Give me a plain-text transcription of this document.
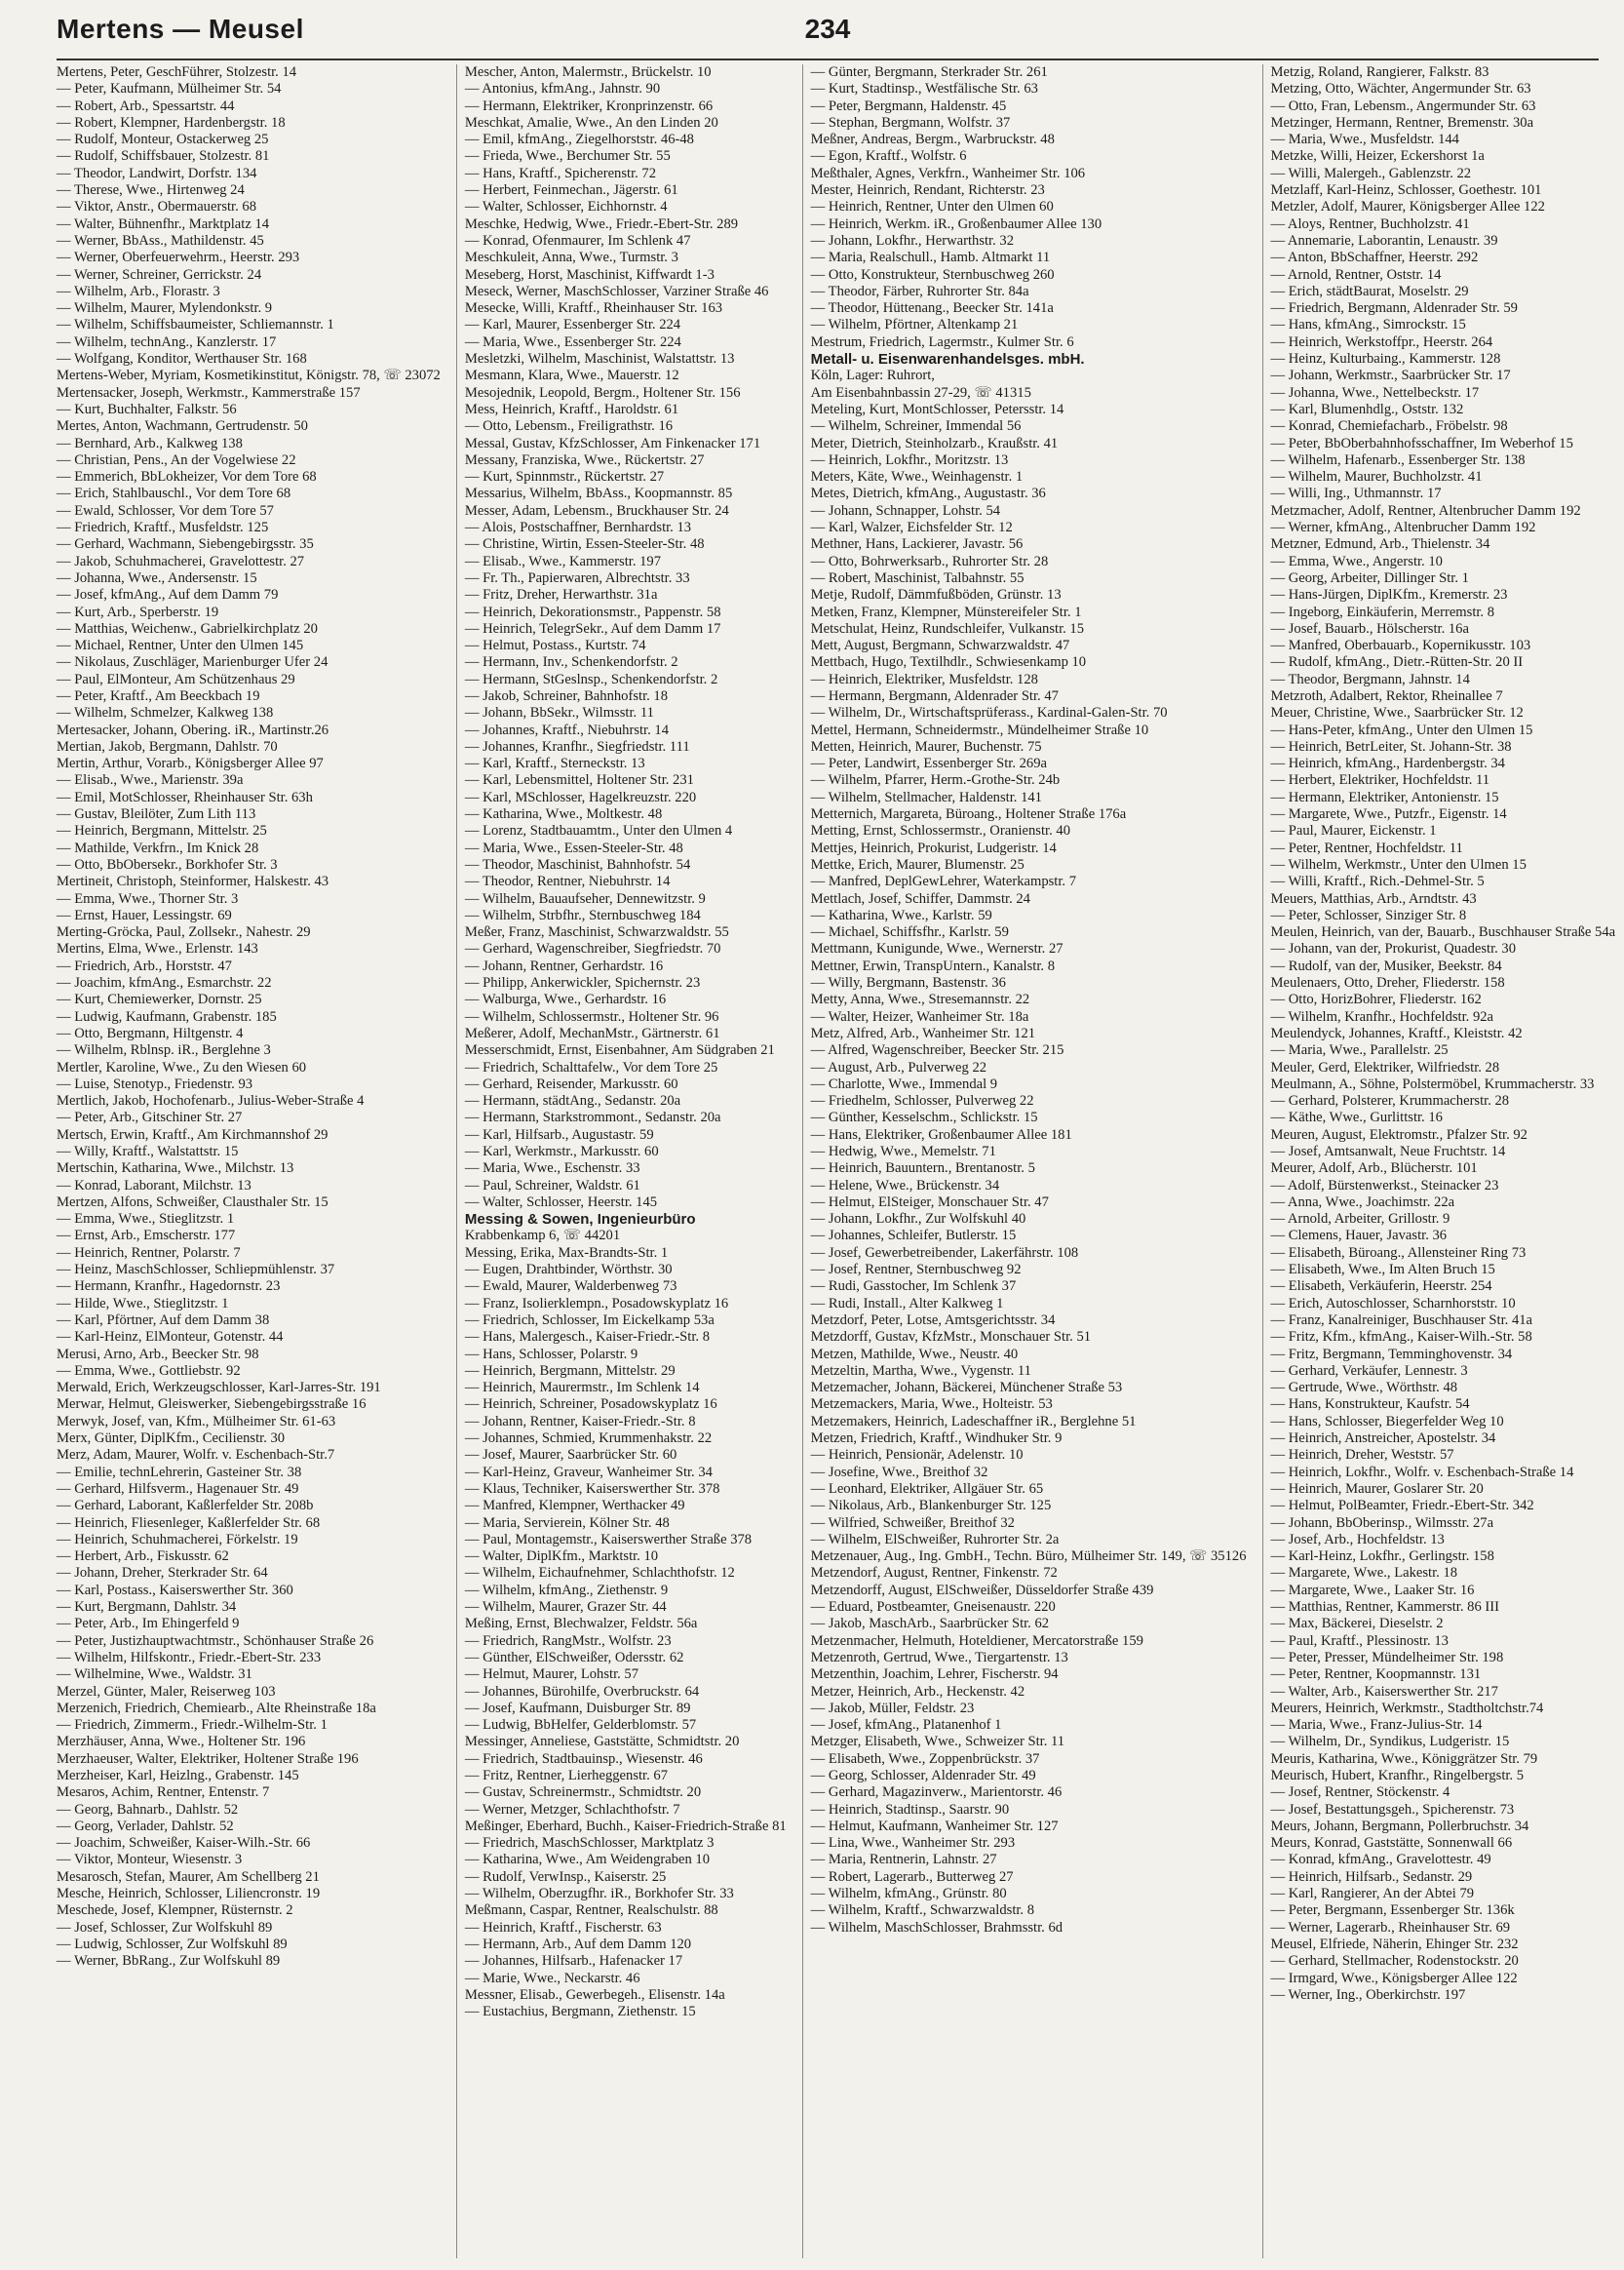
Mertens — Meusel	234
Mertens, Peter, GeschFührer, Stolzestr. 14
— Peter, Kaufmann, Mülheimer Str. 54
— Robert, Arb., Spessartstr. 44
— Robert, Klempner, Hardenbergstr. 18
— Rudolf, Monteur, Ostackerweg 25
— Rudolf, Schiffsbauer, Stolzestr. 81
— Theodor, Landwirt, Dorfstr. 134
— Therese, Wwe., Hirtenweg 24
— Viktor, Anstr., Obermauerstr. 68
— Walter, Bühnenfhr., Marktplatz 14
— Werner, BbAss., Mathildenstr. 45
— Werner, Oberfeuerwehrm., Heerstr. 293
— Werner, Schreiner, Gerrickstr. 24
— Wilhelm, Arb., Florastr. 3
— Wilhelm, Maurer, Mylendonkstr. 9
— Wilhelm, Schiffsbaumeister, Schliemannstr. 1
— Wilhelm, technAng., Kanzlerstr. 17
— Wolfgang, Konditor, Werthauser Str. 168
Mertens-Weber, Myriam, Kosmetikinstitut, Königstr. 78, ☏ 23072
Mertensacker, Joseph, Werkmstr., Kammerstraße 157
— Kurt, Buchhalter, Falkstr. 56
Mertes, Anton, Wachmann, Gertrudenstr. 50
— Bernhard, Arb., Kalkweg 138
— Christian, Pens., An der Vogelwiese 22
— Emmerich, BbLokheizer, Vor dem Tore 68
— Erich, Stahlbauschl., Vor dem Tore 68
— Ewald, Schlosser, Vor dem Tore 57
— Friedrich, Kraftf., Musfeldstr. 125
— Gerhard, Wachmann, Siebengebirgsstr. 35
— Jakob, Schuhmacherei, Gravelottestr. 27
— Johanna, Wwe., Andersenstr. 15
— Josef, kfmAng., Auf dem Damm 79
— Kurt, Arb., Sperberstr. 19
— Matthias, Weichenw., Gabrielkirchplatz 20
— Michael, Rentner, Unter den Ulmen 145
— Nikolaus, Zuschläger, Marienburger Ufer 24
— Paul, ElMonteur, Am Schützenhaus 29
— Peter, Kraftf., Am Beeckbach 19
— Wilhelm, Schmelzer, Kalkweg 138
Mertesacker, Johann, Obering. iR., Martinstr.26
Mertian, Jakob, Bergmann, Dahlstr. 70
Mertin, Arthur, Vorarb., Königsberger Allee 97
— Elisab., Wwe., Marienstr. 39a
— Emil, MotSchlosser, Rheinhauser Str. 63h
— Gustav, Bleilöter, Zum Lith 113
— Heinrich, Bergmann, Mittelstr. 25
— Mathilde, Verkfrn., Im Knick 28
— Otto, BbObersekr., Borkhofer Str. 3
Mertineit, Christoph, Steinformer, Halskestr. 43
— Emma, Wwe., Thorner Str. 3
— Ernst, Hauer, Lessingstr. 69
Merting-Gröcka, Paul, Zollsekr., Nahestr. 29
Mertins, Elma, Wwe., Erlenstr. 143
— Friedrich, Arb., Horststr. 47
— Joachim, kfmAng., Esmarchstr. 22
— Kurt, Chemiewerker, Dornstr. 25
— Ludwig, Kaufmann, Grabenstr. 185
— Otto, Bergmann, Hiltgenstr. 4
— Wilhelm, Rblnsp. iR., Berglehne 3
Mertler, Karoline, Wwe., Zu den Wiesen 60
— Luise, Stenotyp., Friedenstr. 93
Mertlich, Jakob, Hochofenarb., Julius-Weber-Straße 4
— Peter, Arb., Gitschiner Str. 27
Mertsch, Erwin, Kraftf., Am Kirchmannshof 29
— Willy, Kraftf., Walstattstr. 15
Mertschin, Katharina, Wwe., Milchstr. 13
— Konrad, Laborant, Milchstr. 13
Mertzen, Alfons, Schweißer, Clausthaler Str. 15
— Emma, Wwe., Stieglitzstr. 1
— Ernst, Arb., Emscherstr. 177
— Heinrich, Rentner, Polarstr. 7
— Heinz, MaschSchlosser, Schliepmühlenstr. 37
— Hermann, Kranfhr., Hagedornstr. 23
— Hilde, Wwe., Stieglitzstr. 1
— Karl, Pförtner, Auf dem Damm 38
— Karl-Heinz, ElMonteur, Gotenstr. 44
Merusi, Arno, Arb., Beecker Str. 98
— Emma, Wwe., Gottliebstr. 92
Merwald, Erich, Werkzeugschlosser, Karl-Jarres-Str. 191
Merwar, Helmut, Gleiswerker, Siebengebirgsstraße 16
Merwyk, Josef, van, Kfm., Mülheimer Str. 61-63
Merx, Günter, DiplKfm., Cecilienstr. 30
Merz, Adam, Maurer, Wolfr. v. Eschenbach-Str.7
— Emilie, technLehrerin, Gasteiner Str. 38
— Gerhard, Hilfsverm., Hagenauer Str. 49
— Gerhard, Laborant, Kaßlerfelder Str. 208b
— Heinrich, Fliesenleger, Kaßlerfelder Str. 68
— Heinrich, Schuhmacherei, Förkelstr. 19
— Herbert, Arb., Fiskusstr. 62
— Johann, Dreher, Sterkrader Str. 64
— Karl, Postass., Kaiserswerther Str. 360
— Kurt, Bergmann, Dahlstr. 34
— Peter, Arb., Im Ehingerfeld 9
— Peter, Justizhauptwachtmstr., Schönhauser Straße 26
— Wilhelm, Hilfskontr., Friedr.-Ebert-Str. 233
— Wilhelmine, Wwe., Waldstr. 31
Merzel, Günter, Maler, Reiserweg 103
Merzenich, Friedrich, Chemiearb., Alte Rheinstraße 18a
— Friedrich, Zimmerm., Friedr.-Wilhelm-Str. 1
Merzhäuser, Anna, Wwe., Holtener Str. 196
Merzhaeuser, Walter, Elektriker, Holtener Straße 196
Merzheiser, Karl, Heizlng., Grabenstr. 145
Mesaros, Achim, Rentner, Entenstr. 7
— Georg, Bahnarb., Dahlstr. 52
— Georg, Verlader, Dahlstr. 52
— Joachim, Schweißer, Kaiser-Wilh.-Str. 66
— Viktor, Monteur, Wiesenstr. 3
Mesarosch, Stefan, Maurer, Am Schellberg 21
Mesche, Heinrich, Schlosser, Liliencronstr. 19
Meschede, Josef, Klempner, Rüsternstr. 2
— Josef, Schlosser, Zur Wolfskuhl 89
— Ludwig, Schlosser, Zur Wolfskuhl 89
— Werner, BbRang., Zur Wolfskuhl 89
Mescher, Anton, Malermstr., Brückelstr. 10
— Antonius, kfmAng., Jahnstr. 90
— Hermann, Elektriker, Kronprinzenstr. 66
Meschkat, Amalie, Wwe., An den Linden 20
— Emil, kfmAng., Ziegelhorststr. 46-48
— Frieda, Wwe., Berchumer Str. 55
— Hans, Kraftf., Spicherenstr. 72
— Herbert, Feinmechan., Jägerstr. 61
— Walter, Schlosser, Eichhornstr. 4
Meschke, Hedwig, Wwe., Friedr.-Ebert-Str. 289
— Konrad, Ofenmaurer, Im Schlenk 47
Meschkuleit, Anna, Wwe., Turmstr. 3
Meseberg, Horst, Maschinist, Kiffwardt 1-3
Meseck, Werner, MaschSchlosser, Varziner Straße 46
Mesecke, Willi, Kraftf., Rheinhauser Str. 163
— Karl, Maurer, Essenberger Str. 224
— Maria, Wwe., Essenberger Str. 224
Mesletzki, Wilhelm, Maschinist, Walstattstr. 13
Mesmann, Klara, Wwe., Mauerstr. 12
Mesojednik, Leopold, Bergm., Holtener Str. 156
Mess, Heinrich, Kraftf., Haroldstr. 61
— Otto, Lebensm., Freiligrathstr. 16
Messal, Gustav, KfzSchlosser, Am Finkenacker 171
Messany, Franziska, Wwe., Rückertstr. 27
— Kurt, Spinnmstr., Rückertstr. 27
Messarius, Wilhelm, BbAss., Koopmannstr. 85
Messer, Adam, Lebensm., Bruckhauser Str. 24
— Alois, Postschaffner, Bernhardstr. 13
— Christine, Wirtin, Essen-Steeler-Str. 48
— Elisab., Wwe., Kammerstr. 197
— Fr. Th., Papierwaren, Albrechtstr. 33
— Fritz, Dreher, Herwarthstr. 31a
— Heinrich, Dekorationsmstr., Pappenstr. 58
— Heinrich, TelegrSekr., Auf dem Damm 17
— Helmut, Postass., Kurtstr. 74
— Hermann, Inv., Schenkendorfstr. 2
— Hermann, StGeslnsp., Schenkendorfstr. 2
— Jakob, Schreiner, Bahnhofstr. 18
— Johann, BbSekr., Wilmsstr. 11
— Johannes, Kraftf., Niebuhrstr. 14
— Johannes, Kranfhr., Siegfriedstr. 111
— Karl, Kraftf., Sterneckstr. 13
— Karl, Lebensmittel, Holtener Str. 231
— Karl, MSchlosser, Hagelkreuzstr. 220
— Katharina, Wwe., Moltkestr. 48
— Lorenz, Stadtbauamtm., Unter den Ulmen 4
— Maria, Wwe., Essen-Steeler-Str. 48
— Theodor, Maschinist, Bahnhofstr. 54
— Theodor, Rentner, Niebuhrstr. 14
— Wilhelm, Bauaufseher, Dennewitzstr. 9
— Wilhelm, Strbfhr., Sternbuschweg 184
Meßer, Franz, Maschinist, Schwarzwaldstr. 55
— Gerhard, Wagenschreiber, Siegfriedstr. 70
— Johann, Rentner, Gerhardstr. 16
— Philipp, Ankerwickler, Spichernstr. 23
— Walburga, Wwe., Gerhardstr. 16
— Wilhelm, Schlossermstr., Holtener Str. 96
Meßerer, Adolf, MechanMstr., Gärtnerstr. 61
Messerschmidt, Ernst, Eisenbahner, Am Südgraben 21
— Friedrich, Schalttafelw., Vor dem Tore 25
— Gerhard, Reisender, Markusstr. 60
— Hermann, städtAng., Sedanstr. 20a
— Hermann, Starkstrommont., Sedanstr. 20a
— Karl, Hilfsarb., Augustastr. 59
— Karl, Werkmstr., Markusstr. 60
— Maria, Wwe., Eschenstr. 33
— Paul, Schreiner, Waldstr. 61
— Walter, Schlosser, Heerstr. 145
Messing & Sowen, Ingenieurbüro
Krabbenkamp 6, ☏ 44201
Messing, Erika, Max-Brandts-Str. 1
— Eugen, Drahtbinder, Wörthstr. 30
— Ewald, Maurer, Walderbenweg 73
— Franz, Isolierklempn., Posadowskyplatz 16
— Friedrich, Schlosser, Im Eickelkamp 53a
— Hans, Malergesch., Kaiser-Friedr.-Str. 8
— Hans, Schlosser, Polarstr. 9
— Heinrich, Bergmann, Mittelstr. 29
— Heinrich, Maurermstr., Im Schlenk 14
— Heinrich, Schreiner, Posadowskyplatz 16
— Johann, Rentner, Kaiser-Friedr.-Str. 8
— Johannes, Schmied, Krummenhakstr. 22
— Josef, Maurer, Saarbrücker Str. 60
— Karl-Heinz, Graveur, Wanheimer Str. 34
— Klaus, Techniker, Kaiserswerther Str. 378
— Manfred, Klempner, Werthacker 49
— Maria, Servierein, Kölner Str. 48
— Paul, Montagemstr., Kaiserswerther Straße 378
— Walter, DiplKfm., Marktstr. 10
— Wilhelm, Eichaufnehmer, Schlachthofstr. 12
— Wilhelm, kfmAng., Ziethenstr. 9
— Wilhelm, Maurer, Grazer Str. 44
Meßing, Ernst, Blechwalzer, Feldstr. 56a
— Friedrich, RangMstr., Wolfstr. 23
— Günther, ElSchweißer, Odersstr. 62
— Helmut, Maurer, Lohstr. 57
— Johannes, Bürohilfe, Overbruckstr. 64
— Josef, Kaufmann, Duisburger Str. 89
— Ludwig, BbHelfer, Gelderblomstr. 57
Messinger, Anneliese, Gaststätte, Schmidtstr. 20
— Friedrich, Stadtbauinsp., Wiesenstr. 46
— Fritz, Rentner, Lierheggenstr. 67
— Gustav, Schreinermstr., Schmidtstr. 20
— Werner, Metzger, Schlachthofstr. 7
Meßinger, Eberhard, Buchh., Kaiser-Friedrich-Straße 81
— Friedrich, MaschSchlosser, Marktplatz 3
— Katharina, Wwe., Am Weidengraben 10
— Rudolf, VerwInsp., Kaiserstr. 25
— Wilhelm, Oberzugfhr. iR., Borkhofer Str. 33
Meßmann, Caspar, Rentner, Realschulstr. 88
— Heinrich, Kraftf., Fischerstr. 63
— Hermann, Arb., Auf dem Damm 120
— Johannes, Hilfsarb., Hafenacker 17
— Marie, Wwe., Neckarstr. 46
Messner, Elisab., Gewerbegeh., Elisenstr. 14a
— Eustachius, Bergmann, Ziethenstr. 15
— Günter, Bergmann, Sterkrader Str. 261
— Kurt, Stadtinsp., Westfälische Str. 63
— Peter, Bergmann, Haldenstr. 45
— Stephan, Bergmann, Wolfstr. 37
Meßner, Andreas, Bergm., Warbruckstr. 48
— Egon, Kraftf., Wolfstr. 6
Meßthaler, Agnes, Verkfrn., Wanheimer Str. 106
Mester, Heinrich, Rendant, Richterstr. 23
— Heinrich, Rentner, Unter den Ulmen 60
— Heinrich, Werkm. iR., Großenbaumer Allee 130
— Johann, Lokfhr., Herwarthstr. 32
— Maria, Realschull., Hamb. Altmarkt 11
— Otto, Konstrukteur, Sternbuschweg 260
— Theodor, Färber, Ruhrorter Str. 84a
— Theodor, Hüttenang., Beecker Str. 141a
— Wilhelm, Pförtner, Altenkamp 21
Mestrum, Friedrich, Lagermstr., Kulmer Str. 6
Metall- u. Eisenwarenhandelsges. mbH.
Köln, Lager: Ruhrort,
Am Eisenbahnbassin 27-29, ☏ 41315
Meteling, Kurt, MontSchlosser, Petersstr. 14
— Wilhelm, Schreiner, Immendal 56
Meter, Dietrich, Steinholzarb., Kraußstr. 41
— Heinrich, Lokfhr., Moritzstr. 13
Meters, Käte, Wwe., Weinhagenstr. 1
Metes, Dietrich, kfmAng., Augustastr. 36
— Johann, Schnapper, Lohstr. 54
— Karl, Walzer, Eichsfelder Str. 12
Methner, Hans, Lackierer, Javastr. 56
— Otto, Bohrwerksarb., Ruhrorter Str. 28
— Robert, Maschinist, Talbahnstr. 55
Metje, Rudolf, Dämmfußböden, Grünstr. 13
Metken, Franz, Klempner, Münstereifeler Str. 1
Metschulat, Heinz, Rundschleifer, Vulkanstr. 15
Mett, August, Bergmann, Schwarzwaldstr. 47
Mettbach, Hugo, Textilhdlr., Schwiesenkamp 10
— Heinrich, Elektriker, Musfeldstr. 128
— Hermann, Bergmann, Aldenrader Str. 47
— Wilhelm, Dr., Wirtschaftsprüferass., Kardinal-Galen-Str. 70
Mettel, Hermann, Schneidermstr., Mündelheimer Straße 10
Metten, Heinrich, Maurer, Buchenstr. 75
— Peter, Landwirt, Essenberger Str. 269a
— Wilhelm, Pfarrer, Herm.-Grothe-Str. 24b
— Wilhelm, Stellmacher, Haldenstr. 141
Metternich, Margareta, Büroang., Holtener Straße 176a
Metting, Ernst, Schlossermstr., Oranienstr. 40
Mettjes, Heinrich, Prokurist, Ludgeristr. 14
Mettke, Erich, Maurer, Blumenstr. 25
— Manfred, DeplGewLehrer, Waterkampstr. 7
Mettlach, Josef, Schiffer, Dammstr. 24
— Katharina, Wwe., Karlstr. 59
— Michael, Schiffsfhr., Karlstr. 59
Mettmann, Kunigunde, Wwe., Wernerstr. 27
Mettner, Erwin, TranspUntern., Kanalstr. 8
— Willy, Bergmann, Bastenstr. 36
Metty, Anna, Wwe., Stresemannstr. 22
— Walter, Heizer, Wanheimer Str. 18a
Metz, Alfred, Arb., Wanheimer Str. 121
— Alfred, Wagenschreiber, Beecker Str. 215
— August, Arb., Pulverweg 22
— Charlotte, Wwe., Immendal 9
— Friedhelm, Schlosser, Pulverweg 22
— Günther, Kesselschm., Schlickstr. 15
— Hans, Elektriker, Großenbaumer Allee 181
— Hedwig, Wwe., Memelstr. 71
— Heinrich, Bauuntern., Brentanostr. 5
— Helene, Wwe., Brückenstr. 34
— Helmut, ElSteiger, Monschauer Str. 47
— Johann, Lokfhr., Zur Wolfskuhl 40
— Johannes, Schleifer, Butlerstr. 15
— Josef, Gewerbetreibender, Lakerfährstr. 108
— Josef, Rentner, Sternbuschweg 92
— Rudi, Gasstocher, Im Schlenk 37
— Rudi, Install., Alter Kalkweg 1
Metzdorf, Peter, Lotse, Amtsgerichtsstr. 34
Metzdorff, Gustav, KfzMstr., Monschauer Str. 51
Metzen, Mathilde, Wwe., Neustr. 40
Metzeltin, Martha, Wwe., Vygenstr. 11
Metzemacher, Johann, Bäckerei, Münchener Straße 53
Metzemackers, Maria, Wwe., Holteistr. 53
Metzemakers, Heinrich, Ladeschaffner iR., Berglehne 51
Metzen, Friedrich, Kraftf., Windhuker Str. 9
— Heinrich, Pensionär, Adelenstr. 10
— Josefine, Wwe., Breithof 32
— Leonhard, Elektriker, Allgäuer Str. 65
— Nikolaus, Arb., Blankenburger Str. 125
— Wilfried, Schweißer, Breithof 32
— Wilhelm, ElSchweißer, Ruhrorter Str. 2a
Metzenauer, Aug., Ing. GmbH., Techn. Büro, Mülheimer Str. 149, ☏ 35126
Metzendorf, August, Rentner, Finkenstr. 72
Metzendorff, August, ElSchweißer, Düsseldorfer Straße 439
— Eduard, Postbeamter, Gneisenaustr. 220
— Jakob, MaschArb., Saarbrücker Str. 62
Metzenmacher, Helmuth, Hoteldiener, Mercatorstraße 159
Metzenroth, Gertrud, Wwe., Tiergartenstr. 13
Metzenthin, Joachim, Lehrer, Fischerstr. 94
Metzer, Heinrich, Arb., Heckenstr. 42
— Jakob, Müller, Feldstr. 23
— Josef, kfmAng., Platanenhof 1
Metzger, Elisabeth, Wwe., Schweizer Str. 11
— Elisabeth, Wwe., Zoppenbrückstr. 37
— Georg, Schlosser, Aldenrader Str. 49
— Gerhard, Magazinverw., Marientorstr. 46
— Heinrich, Stadtinsp., Saarstr. 90
— Helmut, Kaufmann, Wanheimer Str. 127
— Lina, Wwe., Wanheimer Str. 293
— Maria, Rentnerin, Lahnstr. 27
— Robert, Lagerarb., Butterweg 27
— Wilhelm, kfmAng., Grünstr. 80
— Wilhelm, Kraftf., Schwarzwaldstr. 8
— Wilhelm, MaschSchlosser, Brahmsstr. 6d
Metzig, Roland, Rangierer, Falkstr. 83
Metzing, Otto, Wächter, Angermunder Str. 63
— Otto, Fran, Lebensm., Angermunder Str. 63
Metzinger, Hermann, Rentner, Bremenstr. 30a
— Maria, Wwe., Musfeldstr. 144
Metzke, Willi, Heizer, Eckershorst 1a
— Willi, Malergeh., Gablenzstr. 22
Metzlaff, Karl-Heinz, Schlosser, Goethestr. 101
Metzler, Adolf, Maurer, Königsberger Allee 122
— Aloys, Rentner, Buchholzstr. 41
— Annemarie, Laborantin, Lenaustr. 39
— Anton, BbSchaffner, Heerstr. 292
— Arnold, Rentner, Oststr. 14
— Erich, städtBaurat, Moselstr. 29
— Friedrich, Bergmann, Aldenrader Str. 59
— Hans, kfmAng., Simrockstr. 15
— Heinrich, Werkstoffpr., Heerstr. 264
— Heinz, Kulturbaing., Kammerstr. 128
— Johann, Werkmstr., Saarbrücker Str. 17
— Johanna, Wwe., Nettelbeckstr. 17
— Karl, Blumenhdlg., Oststr. 132
— Konrad, Chemiefacharb., Fröbelstr. 98
— Peter, BbOberbahnhofsschaffner, Im Weberhof 15
— Wilhelm, Hafenarb., Essenberger Str. 138
— Wilhelm, Maurer, Buchholzstr. 41
— Willi, Ing., Uthmannstr. 17
Metzmacher, Adolf, Rentner, Altenbrucher Damm 192
— Werner, kfmAng., Altenbrucher Damm 192
Metzner, Edmund, Arb., Thielenstr. 34
— Emma, Wwe., Angerstr. 10
— Georg, Arbeiter, Dillinger Str. 1
— Hans-Jürgen, DiplKfm., Kremerstr. 23
— Ingeborg, Einkäuferin, Merremstr. 8
— Josef, Bauarb., Hölscherstr. 16a
— Manfred, Oberbauarb., Kopernikusstr. 103
— Rudolf, kfmAng., Dietr.-Rütten-Str. 20 II
— Theodor, Bergmann, Jahnstr. 14
Metzroth, Adalbert, Rektor, Rheinallee 7
Meuer, Christine, Wwe., Saarbrücker Str. 12
— Hans-Peter, kfmAng., Unter den Ulmen 15
— Heinrich, BetrLeiter, St. Johann-Str. 38
— Heinrich, kfmAng., Hardenbergstr. 34
— Herbert, Elektriker, Hochfeldstr. 11
— Hermann, Elektriker, Antonienstr. 15
— Margarete, Wwe., Putzfr., Eigenstr. 14
— Paul, Maurer, Eickenstr. 1
— Peter, Rentner, Hochfeldstr. 11
— Wilhelm, Werkmstr., Unter den Ulmen 15
— Willi, Kraftf., Rich.-Dehmel-Str. 5
Meuers, Matthias, Arb., Arndtstr. 43
— Peter, Schlosser, Sinziger Str. 8
Meulen, Heinrich, van der, Bauarb., Buschhauser Straße 54a
— Johann, van der, Prokurist, Quadestr. 30
— Rudolf, van der, Musiker, Beekstr. 84
Meulenaers, Otto, Dreher, Fliederstr. 158
— Otto, HorizBohrer, Fliederstr. 162
— Wilhelm, Kranfhr., Hochfeldstr. 92a
Meulendyck, Johannes, Kraftf., Kleiststr. 42
— Maria, Wwe., Parallelstr. 25
Meuler, Gerd, Elektriker, Wilfriedstr. 28
Meulmann, A., Söhne, Polstermöbel, Krummacherstr. 33
— Gerhard, Polsterer, Krummacherstr. 28
— Käthe, Wwe., Gurlittstr. 16
Meuren, August, Elektromstr., Pfalzer Str. 92
— Josef, Amtsanwalt, Neue Fruchtstr. 14
Meurer, Adolf, Arb., Blücherstr. 101
— Adolf, Bürstenwerkst., Steinacker 23
— Anna, Wwe., Joachimstr. 22a
— Arnold, Arbeiter, Grillostr. 9
— Clemens, Hauer, Javastr. 36
— Elisabeth, Büroang., Allensteiner Ring 73
— Elisabeth, Wwe., Im Alten Bruch 15
— Elisabeth, Verkäuferin, Heerstr. 254
— Erich, Autoschlosser, Scharnhorststr. 10
— Franz, Kanalreiniger, Buschhauser Str. 41a
— Fritz, Kfm., kfmAng., Kaiser-Wilh.-Str. 58
— Fritz, Bergmann, Temminghovenstr. 34
— Gerhard, Verkäufer, Lennestr. 3
— Gertrude, Wwe., Wörthstr. 48
— Hans, Konstrukteur, Kaufstr. 54
— Hans, Schlosser, Biegerfelder Weg 10
— Heinrich, Anstreicher, Apostelstr. 34
— Heinrich, Dreher, Weststr. 57
— Heinrich, Lokfhr., Wolfr. v. Eschenbach-Straße 14
— Heinrich, Maurer, Goslarer Str. 20
— Helmut, PolBeamter, Friedr.-Ebert-Str. 342
— Johann, BbOberinsp., Wilmsstr. 27a
— Josef, Arb., Hochfeldstr. 13
— Karl-Heinz, Lokfhr., Gerlingstr. 158
— Margarete, Wwe., Lakestr. 18
— Margarete, Wwe., Laaker Str. 16
— Matthias, Rentner, Kammerstr. 86 III
— Max, Bäckerei, Dieselstr. 2
— Paul, Kraftf., Plessinostr. 13
— Peter, Presser, Mündelheimer Str. 198
— Peter, Rentner, Koopmannstr. 131
— Walter, Arb., Kaiserswerther Str. 217
Meurers, Heinrich, Werkmstr., Stadtholtchstr.74
— Maria, Wwe., Franz-Julius-Str. 14
— Wilhelm, Dr., Syndikus, Ludgeristr. 15
Meuris, Katharina, Wwe., Königgrätzer Str. 79
Meurisch, Hubert, Kranfhr., Ringelbergstr. 5
— Josef, Rentner, Stöckenstr. 4
— Josef, Bestattungsgeh., Spicherenstr. 73
Meurs, Johann, Bergmann, Pollerbruchstr. 34
Meurs, Konrad, Gaststätte, Sonnenwall 66
— Konrad, kfmAng., Gravelottestr. 49
— Heinrich, Hilfsarb., Sedanstr. 29
— Karl, Rangierer, An der Abtei 79
— Peter, Bergmann, Essenberger Str. 136k
— Werner, Lagerarb., Rheinhauser Str. 69
Meusel, Elfriede, Näherin, Ehinger Str. 232
— Gerhard, Stellmacher, Rodenstockstr. 20
— Irmgard, Wwe., Königsberger Allee 122
— Werner, Ing., Oberkirchstr. 197
